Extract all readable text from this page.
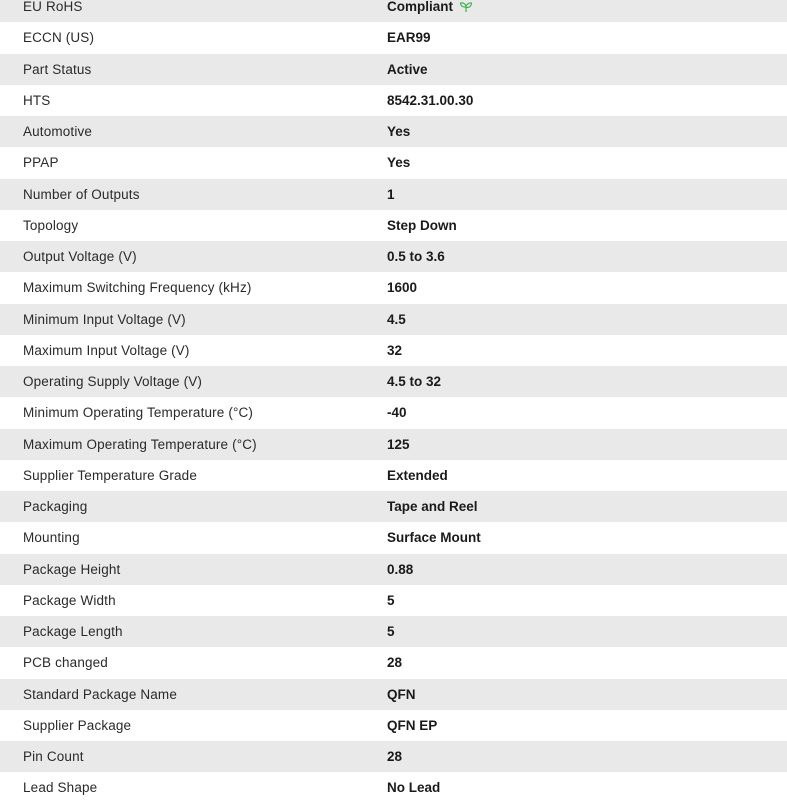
EU RoHS	Compliant
ECCN (US)	EAR99
Part Status	Active
HTS	8542.31.00.30
Automotive	Yes
PPAP	Yes
Number of Outputs	1
Topology	Step Down
Output Voltage (V)	0.5 to 3.6
Maximum Switching Frequency (kHz)	1600
Minimum Input Voltage (V)	4.5
Maximum Input Voltage (V)	32
Operating Supply Voltage (V)	4.5 to 32
Minimum Operating Temperature (°C)	-40
Maximum Operating Temperature (°C)	125
Supplier Temperature Grade	Extended
Packaging	Tape and Reel
Mounting	Surface Mount
Package Height	0.88
Package Width	5
Package Length	5
PCB changed	28
Standard Package Name	QFN
Supplier Package	QFN EP
Pin Count	28
Lead Shape	No Lead
